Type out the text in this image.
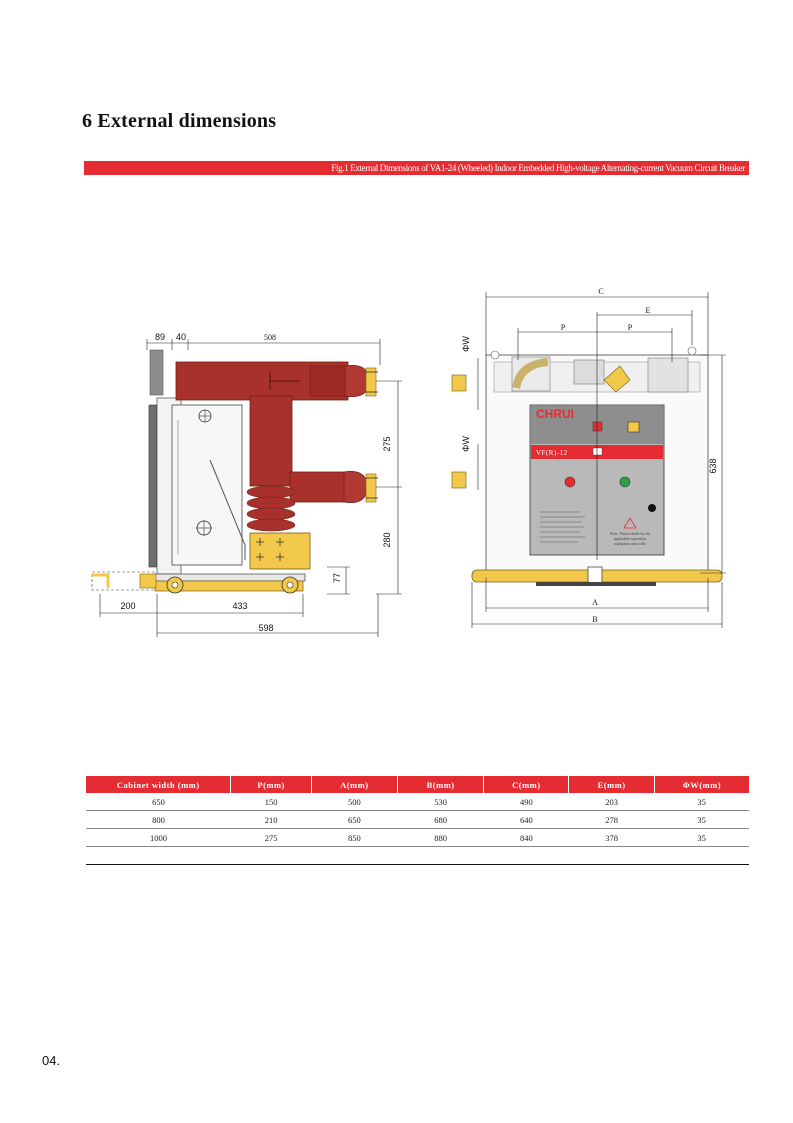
6 External dimensions
Fig.1 External Dimensions of VA1-24 (Wheeled) Indoor Embedded High-voltage Alternating-current Vacuum Circuit Breaker
89 40	508
275
280
77
200	433
598
CHRUI
VF(R)-12
Note: Please abide by the
applicable operation
regulation and code.
C
E
P	P
ΦW
ΦW
638
A
B
Cabinet width (mm)	P(mm)	A(mm)	B(mm)	C(mm)	E(mm)	ΦW(mm)
650	150	500	530	490	203	35
800	210	650	680	640	278	35
1000	275	850	880	840	378	35

04.
